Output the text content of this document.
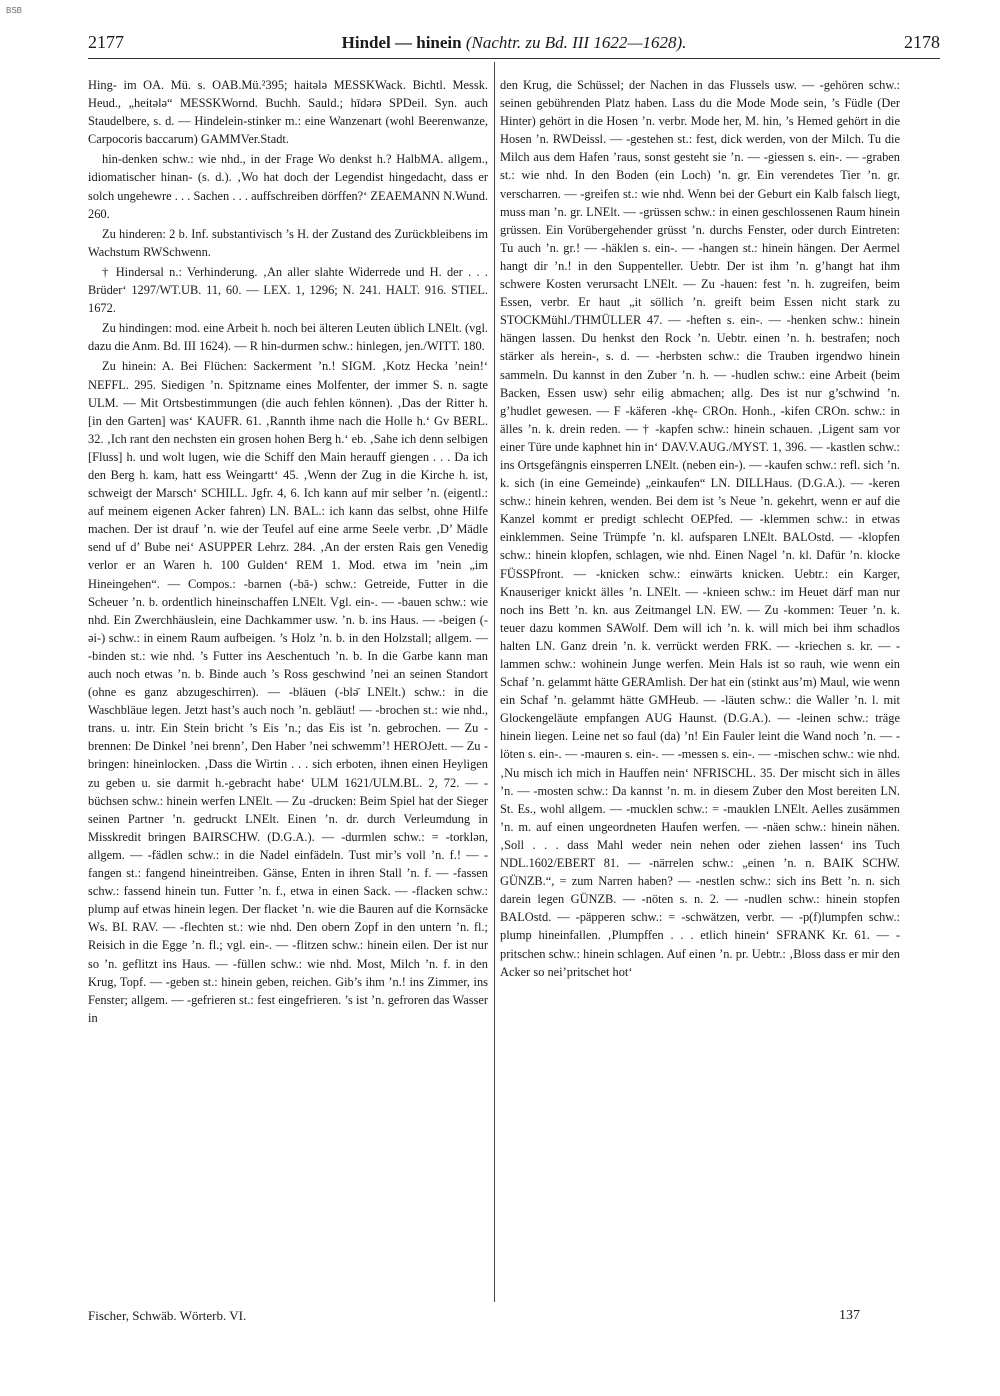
BSB
2177	Hindel — hinein (Nachtr. zu Bd. III 1622—1628).	2178

Hing- im OA. Mü. s. OAB.Mü.²395; haitələ MESSKWack. Bichtl. Messk. Heud., „heitələ“ MESSKWornd. Buchh. Sauld.; hīdərə SPDeil. Syn. auch Staudelbere, s. d. — Hindelein-stinker m.: eine Wanzenart (wohl Beerenwanze, Carpocoris baccarum) GAMMVer.Stadt.

hin-denken schw.: wie nhd., in der Frage Wo denkst h.? HalbMA. allgem., idiomatischer hinan- (s. d.). ‚Wo hat doch der Legendist hingedacht, dass er solch ungehewre . . . Sachen . . . auffschreiben dörffen?‘ ZEAEMANN N.Wund. 260.

Zu hinderen: 2 b. Inf. substantivisch ’s H. der Zustand des Zurückbleibens im Wachstum RWSchwenn.

† Hindersal n.: Verhinderung. ‚An aller slahte Widerrede und H. der . . . Brüder‘ 1297/WT.UB. 11, 60. — LEX. 1, 1296; N. 241. HALT. 916. STIEL. 1672.

Zu hindingen: mod. eine Arbeit h. noch bei älteren Leuten üblich LNElt. (vgl. dazu die Anm. Bd. III 1624). — R hin-durmen schw.: hinlegen, jen./WITT. 180.

Zu hinein: A. Bei Flüchen: Sackerment ’n.! SIGM. ‚Kotz Hecka ’nein!‘ NEFFL. 295. Siedigen ’n. Spitzname eines Molfenter, der immer S. n. sagte ULM. — Mit Ortsbestimmungen (die auch fehlen können). ‚Das der Ritter h. [in den Garten] was‘ KAUFR. 61. ‚Rannth ihme nach die Holle h.‘ Gv BERL. 32. ‚Ich rant den nechsten ein grosen hohen Berg h.‘ eb. ‚Sahe ich denn selbigen [Fluss] h. und wolt lugen, wie die Schiff den Main herauff giengen . . . Da ich den Berg h. kam, hatt ess Weingartt‘ 45. ‚Wenn der Zug in die Kirche h. ist, schweigt der Marsch‘ SCHILL. Jgfr. 4, 6. Ich kann auf mir selber ’n. (eigentl.: auf meinem eigenen Acker fahren) LN. BAL.: ich kann das selbst, ohne Hilfe machen. Der ist drauf ’n. wie der Teufel auf eine arme Seele verbr. ‚D’ Mädle send uf d’ Bube nei‘ ASUPPER Lehrz. 284. ‚An der ersten Rais gen Venedig verlor er an Waren h. 100 Gulden‘ REM 1. Mod. etwa im ’nein „im Hineingehen“. — Compos.: -barnen (-bā-) schw.: Getreide, Futter in die Scheuer ’n. b. ordentlich hineinschaffen LNElt. Vgl. ein-. — -bauen schw.: wie nhd. Ein Zwerchhäuslein, eine Dachkammer usw. ’n. b. ins Haus. — -beigen (-əi-) schw.: in einem Raum aufbeigen. ’s Holz ’n. b. in den Holzstall; allgem. — -binden st.: wie nhd. ’s Futter ins Aeschentuch ’n. b. In die Garbe kann man auch noch etwas ’n. b. Binde auch ’s Ross geschwind ’nei an seinen Standort (ohne es ganz abzugeschirren). — -bläuen (-blə̄ LNElt.) schw.: in die Waschbläue legen. Jetzt hast’s auch noch ’n. gebläut! — -brochen st.: wie nhd., trans. u. intr. Ein Stein bricht ’s Eis ’n.; das Eis ist ’n. gebrochen. — Zu -brennen: De Dinkel ’nei brenn’, Den Haber ’nei schwemm’! HEROJett. — Zu -bringen: hineinlocken. ‚Dass die Wirtin . . . sich erboten, ihnen einen Heyligen zu geben u. sie darmit h.-gebracht habe‘ ULM 1621/ULM.BL. 2, 72. — -büchsen schw.: hinein werfen LNElt. — Zu -drucken: Beim Spiel hat der Sieger seinen Partner ’n. gedruckt LNElt. Einen ’n. dr. durch Verleumdung in Misskredit bringen BAIRSCHW. (D.G.A.). — -durmlen schw.: = -torklən, allgem. — -fädlen schw.: in die Nadel einfädeln. Tust mir’s voll ’n. f.! — -fangen st.: fangend hineintreiben. Gänse, Enten in ihren Stall ’n. f. — -fassen schw.: fassend hinein tun. Futter ’n. f., etwa in einen Sack. — -flacken schw.: plump auf etwas hinein legen. Der flacket ’n. wie die Bauren auf die Kornsäcke Ws. BI. RAV. — -flechten st.: wie nhd. Den obern Zopf in den untern ’n. fl.; Reisich in die Egge ’n. fl.; vgl. ein-. — -flitzen schw.: hinein eilen. Der ist nur so ’n. geflitzt ins Haus. — -füllen schw.: wie nhd. Most, Milch ’n. f. in den Krug, Topf. — -geben st.: hinein geben, reichen. Gib’s ihm ’n.! ins Zimmer, ins Fenster; allgem. — -gefrieren st.: fest eingefrieren. ’s ist ’n. gefroren das Wasser in

den Krug, die Schüssel; der Nachen in das Flussels usw. — -gehören schw.: seinen gebührenden Platz haben. Lass du die Mode Mode sein, ’s Füdle (Der Hinter) gehört in die Hosen ’n. verbr. Mode her, M. hin, ’s Hemed gehört in die Hosen ’n. RWDeissl. — -gestehen st.: fest, dick werden, von der Milch. Tu die Milch aus dem Hafen ’raus, sonst gesteht sie ’n. — -giessen s. ein-. — -graben st.: wie nhd. In den Boden (ein Loch) ’n. gr. Ein verendetes Tier ’n. gr. verscharren. — -greifen st.: wie nhd. Wenn bei der Geburt ein Kalb falsch liegt, muss man ’n. gr. LNElt. — -grüssen schw.: in einen geschlossenen Raum hinein grüssen. Ein Vorübergehender grüsst ’n. durchs Fenster, oder durch Eintreten: Tu auch ’n. gr.! — -häklen s. ein-. — -hangen st.: hinein hängen. Der Aermel hangt dir ’n.! in den Suppenteller. Uebtr. Der ist ihm ’n. g’hangt hat ihm schwere Kosten verursacht LNElt. — Zu -hauen: fest ’n. h. zugreifen, beim Essen, verbr. Er haut „it söllich ’n. greift beim Essen nicht stark zu STOCKMühl./THMÜLLER 47. — -heften s. ein-. — -henken schw.: hinein hängen lassen. Du henkst den Rock ’n. Uebtr. einen ’n. h. bestrafen; noch stärker als herein-, s. d. — -herbsten schw.: die Trauben irgendwo hinein sammeln. Du kannst in den Zuber ’n. h. — -hudlen schw.: eine Arbeit (beim Backen, Essen usw) sehr eilig abmachen; allg. Des ist nur g’schwind ’n. g’hudlet gewesen. — F -käferen -khę- CROn. Honh., -kifen CROn. schw.: in älles ’n. k. drein reden. — † -kapfen schw.: hinein schauen. ‚Ligent sam vor einer Türe unde kaphnet hin in‘ DAV.V.AUG./MYST. 1, 396. — -kastlen schw.: ins Ortsgefängnis einsperren LNElt. (neben ein-). — -kaufen schw.: refl. sich ’n. k. sich (in eine Gemeinde) „einkaufen“ LN. DILLHaus. (D.G.A.). — -keren schw.: hinein kehren, wenden. Bei dem ist ’s Neue ’n. gekehrt, wenn er auf die Kanzel kommt er predigt schlecht OEPfed. — -klemmen schw.: in etwas einklemmen. Seine Trümpfe ’n. kl. aufsparen LNElt. BALOstd. — -klopfen schw.: hinein klopfen, schlagen, wie nhd. Einen Nagel ’n. kl. Dafür ’n. klocke FÜSSPfront. — -knicken schw.: einwärts knicken. Uebtr.: ein Karger, Knauseriger knickt älles ’n. LNElt. — -knieen schw.: im Heuet därf man nur noch ins Bett ’n. kn. aus Zeitmangel LN. EW. — Zu -kommen: Teuer ’n. k. teuer dazu kommen SAWolf. Dem will ich ’n. k. will mich bei ihm schadlos halten LN. Ganz drein ’n. k. verrückt werden FRK. — -kriechen s. kr. — -lammen schw.: wohinein Junge werfen. Mein Hals ist so rauh, wie wenn ein Schaf ’n. gelammt hätte GERAmlish. Der hat ein (stinkt aus’m) Maul, wie wenn ein Schaf ’n. gelammt hätte GMHeub. — -läuten schw.: die Waller ’n. l. mit Glockengeläute empfangen AUG Haunst. (D.G.A.). — -leinen schw.: träge hinein liegen. Leine net so faul (da) ’n! Ein Fauler leint die Wand noch ’n. — -löten s. ein-. — -mauren s. ein-. — -messen s. ein-. — -mischen schw.: wie nhd. ‚Nu misch ich mich in Hauffen nein‘ NFRISCHL. 35. Der mischt sich in älles ’n. — -mosten schw.: Da kannst ’n. m. in diesem Zuber den Most bereiten LN. St. Es., wohl allgem. — -mucklen schw.: = -mauklen LNElt. Aelles zusämmen ’n. m. auf einen ungeordneten Haufen werfen. — -näen schw.: hinein nähen. ‚Soll . . . dass Mahl weder nein nehen oder ziehen lassen‘ ins Tuch NDL.1602/EBERT 81. — -närrelen schw.: „einen ’n. n. BAIK SCHW. GÜNZB.“, = zum Narren haben? — -nestlen schw.: sich ins Bett ’n. n. sich darein legen GÜNZB. — -nöten s. n. 2. — -nudlen schw.: hinein stopfen BALOstd. — -päpperen schw.: = -schwätzen, verbr. — -p(f)lumpfen schw.: plump hineinfallen. ‚Plumpffen . . . etlich hinein‘ SFRANK Kr. 61. — -pritschen schw.: hinein schlagen. Auf einen ’n. pr. Uebtr.: ‚Bloss dass er mir den Acker so nei’pritschet hot‘

Fischer, Schwäb. Wörterb. VI.	137
